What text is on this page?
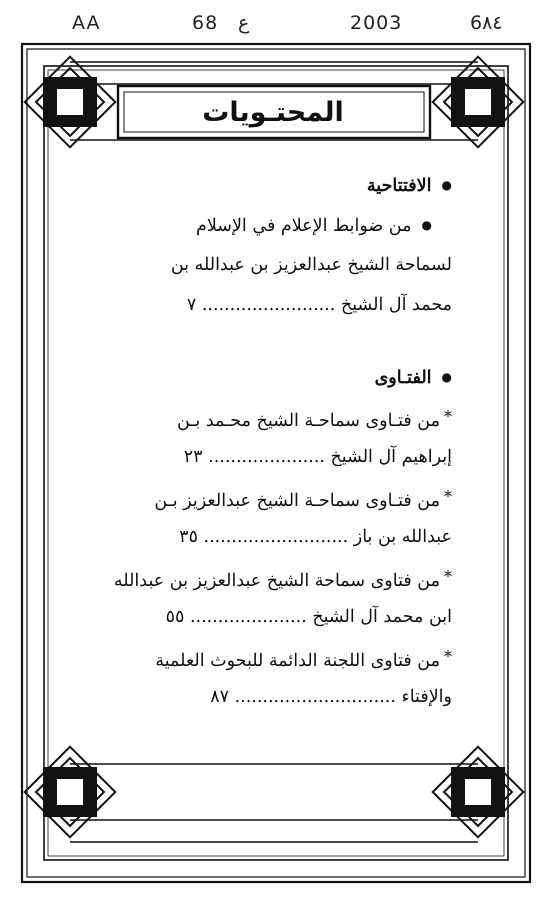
AA	68 ع	2003	6٨٤
المحتـويات
● الافتتاحية
● من ضوابط الإعلام في الإسلام
لسماحة الشيخ عبدالعزيز بن عبدالله بن
محمد آل الشيخ ........................ ٧
● الفتـاوى
* من فتـاوى سماحـة الشيخ محـمد بـن
إبراهيم آل الشيخ ..................... ٢٣
* من فتـاوى سماحـة الشيخ عبدالعزيز بـن
عبدالله بن باز .......................... ٣٥
* من فتاوى سماحة الشيخ عبدالعزيز بن عبدالله
ابن محمد آل الشيخ ..................... ٥٥
* من فتاوى اللجنة الدائمة للبحوث العلمية
والإفتاء ............................. ٨٧
